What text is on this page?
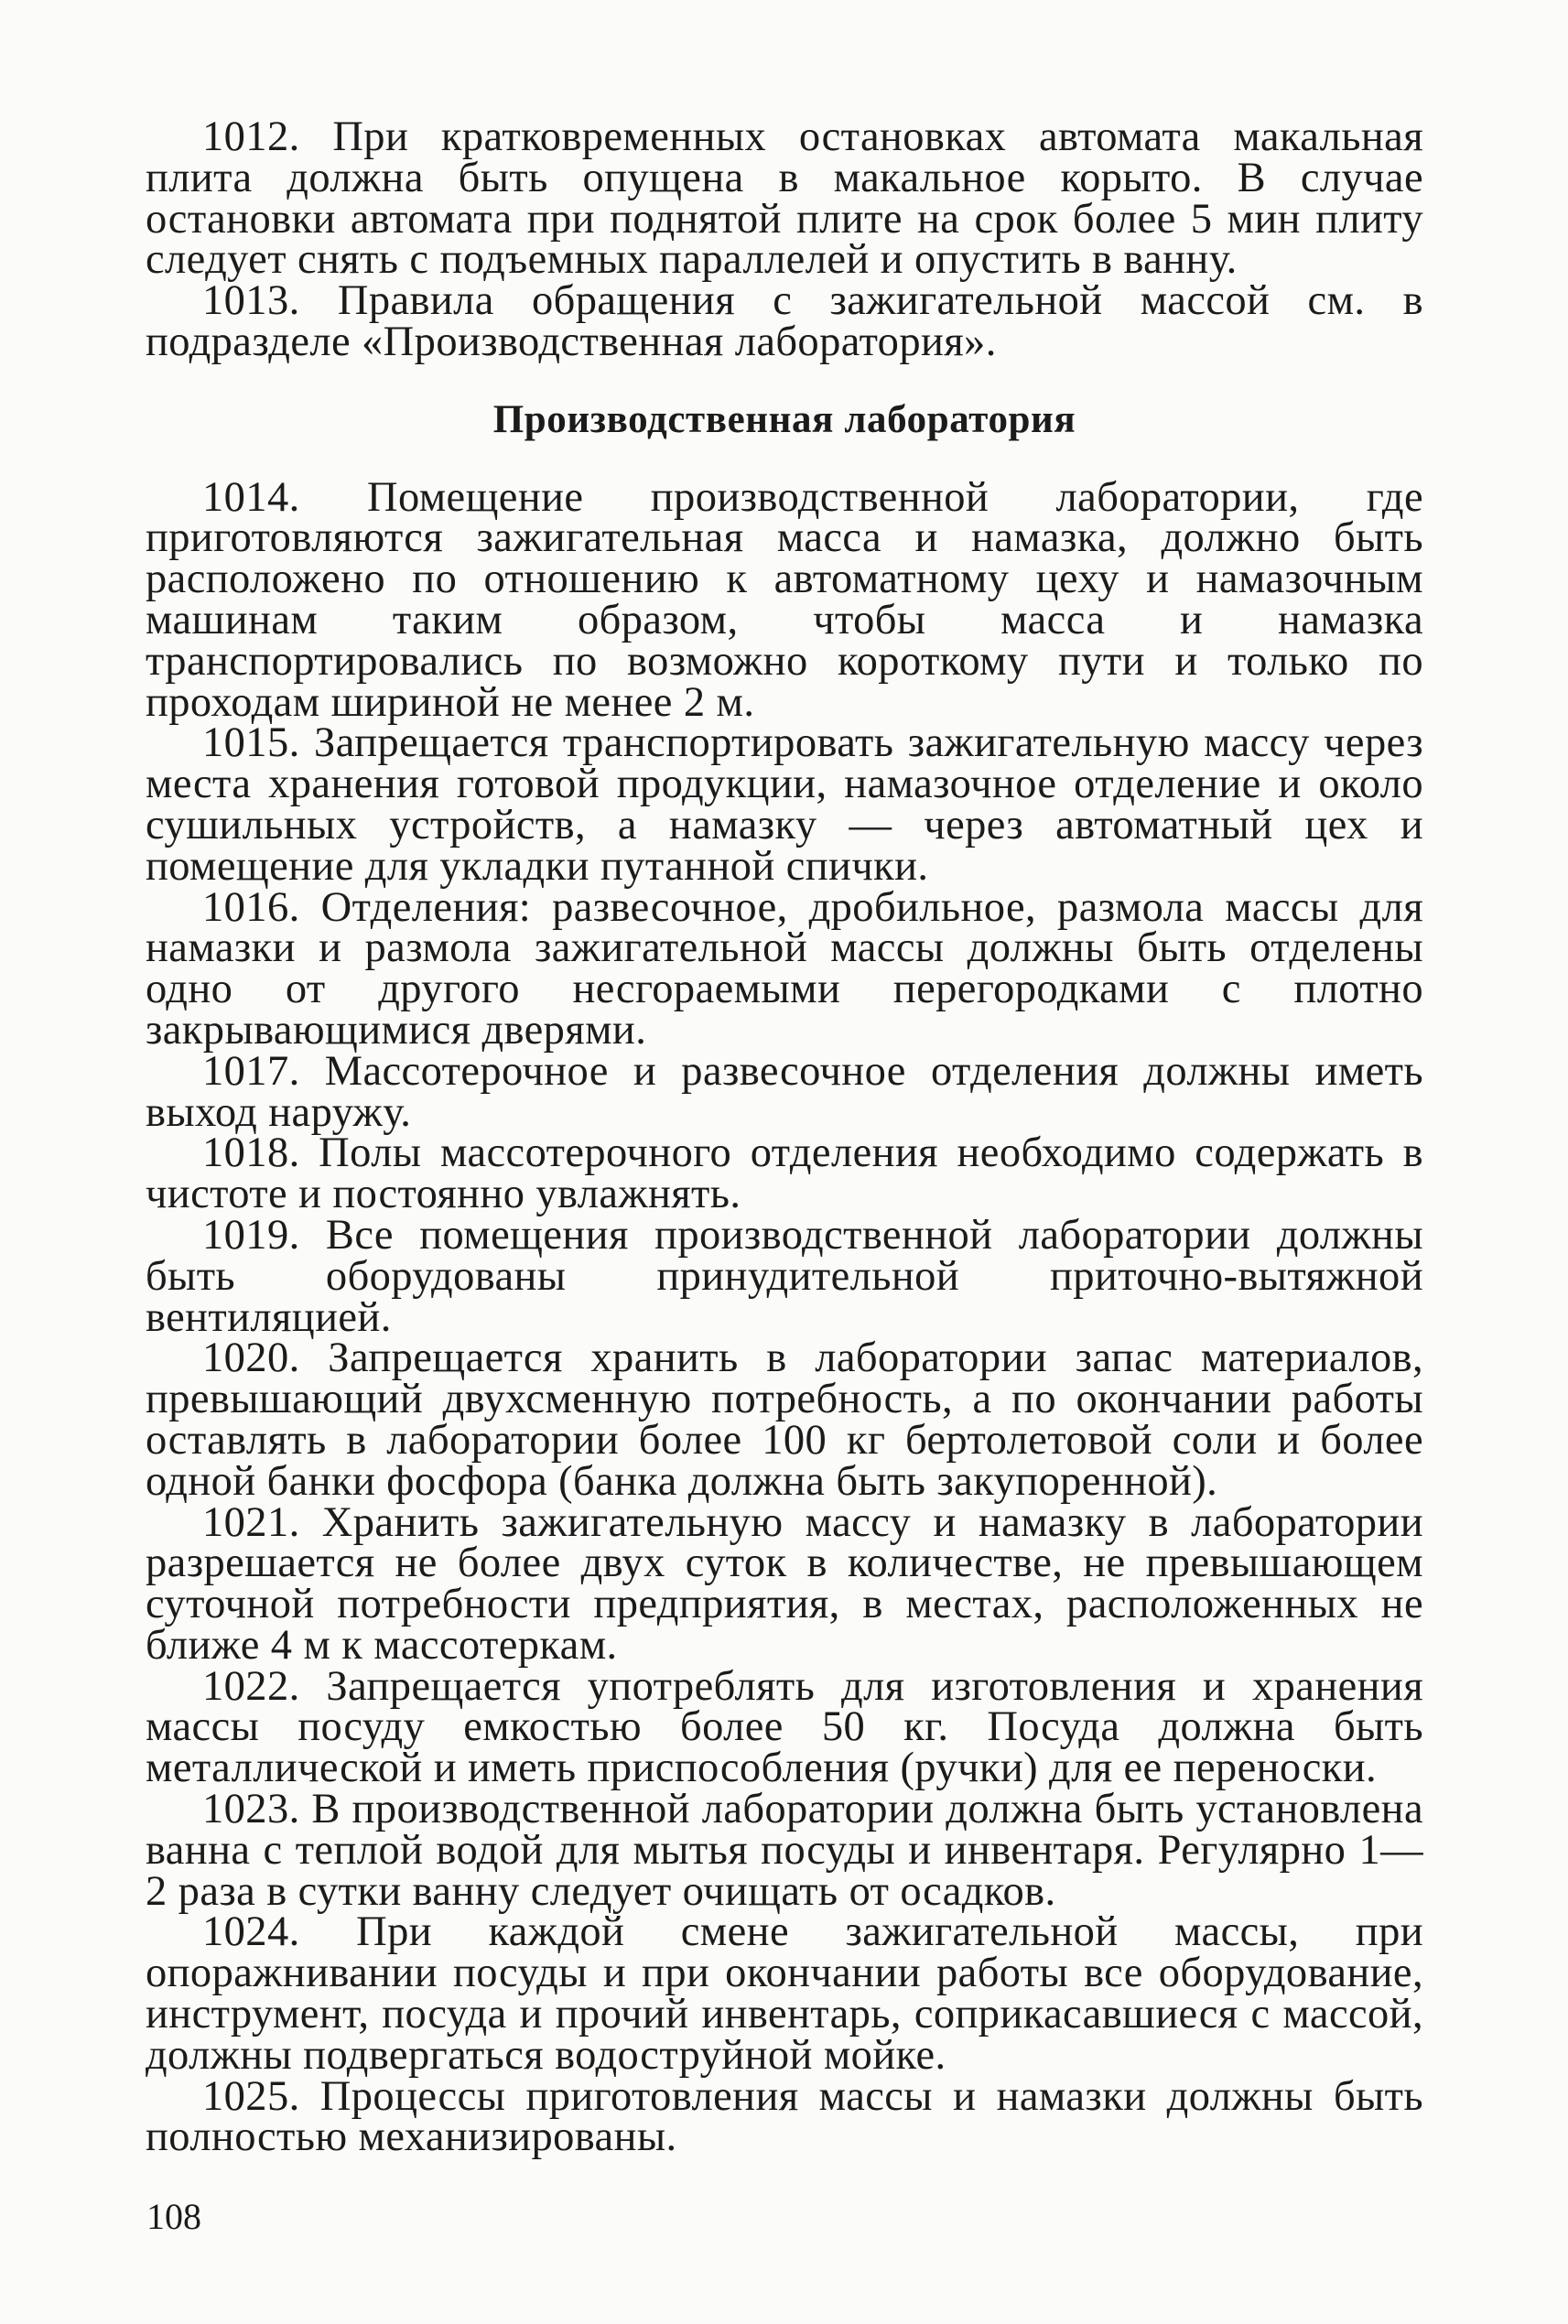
1012. При кратковременных остановках автомата макальная плита должна быть опущена в макальное корыто. В случае остановки автомата при поднятой плите на срок более 5 мин плиту следует снять с подъемных параллелей и опустить в ванну.

1013. Правила обращения с зажигательной массой см. в подразделе «Производственная лаборатория».

Производственная лаборатория

1014. Помещение производственной лаборатории, где приготовляются зажигательная масса и намазка, должно быть расположено по отношению к автоматному цеху и намазочным машинам таким образом, чтобы масса и намазка транспортировались по возможно короткому пути и только по проходам шириной не менее 2 м.

1015. Запрещается транспортировать зажигательную массу через места хранения готовой продукции, намазочное отделение и около сушильных устройств, а намазку — через автоматный цех и помещение для укладки путанной спички.

1016. Отделения: развесочное, дробильное, размола массы для намазки и размола зажигательной массы должны быть отделены одно от другого несгораемыми перегородками с плотно закрывающимися дверями.

1017. Массотерочное и развесочное отделения должны иметь выход наружу.

1018. Полы массотерочного отделения необходимо содержать в чистоте и постоянно увлажнять.

1019. Все помещения производственной лаборатории должны быть оборудованы принудительной приточно-вытяжной вентиляцией.

1020. Запрещается хранить в лаборатории запас материалов, превышающий двухсменную потребность, а по окончании работы оставлять в лаборатории более 100 кг бертолетовой соли и более одной банки фосфора (банка должна быть закупоренной).

1021. Хранить зажигательную массу и намазку в лаборатории разрешается не более двух суток в количестве, не превышающем суточной потребности предприятия, в местах, расположенных не ближе 4 м к массотеркам.

1022. Запрещается употреблять для изготовления и хранения массы посуду емкостью более 50 кг. Посуда должна быть металлической и иметь приспособления (ручки) для ее переноски.

1023. В производственной лаборатории должна быть установлена ванна с теплой водой для мытья посуды и инвентаря. Регулярно 1—2 раза в сутки ванну следует очищать от осадков.

1024. При каждой смене зажигательной массы, при опоражнивании посуды и при окончании работы все оборудование, инструмент, посуда и прочий инвентарь, соприкасавшиеся с массой, должны подвергаться водоструйной мойке.

1025. Процессы приготовления массы и намазки должны быть полностью механизированы.

108
